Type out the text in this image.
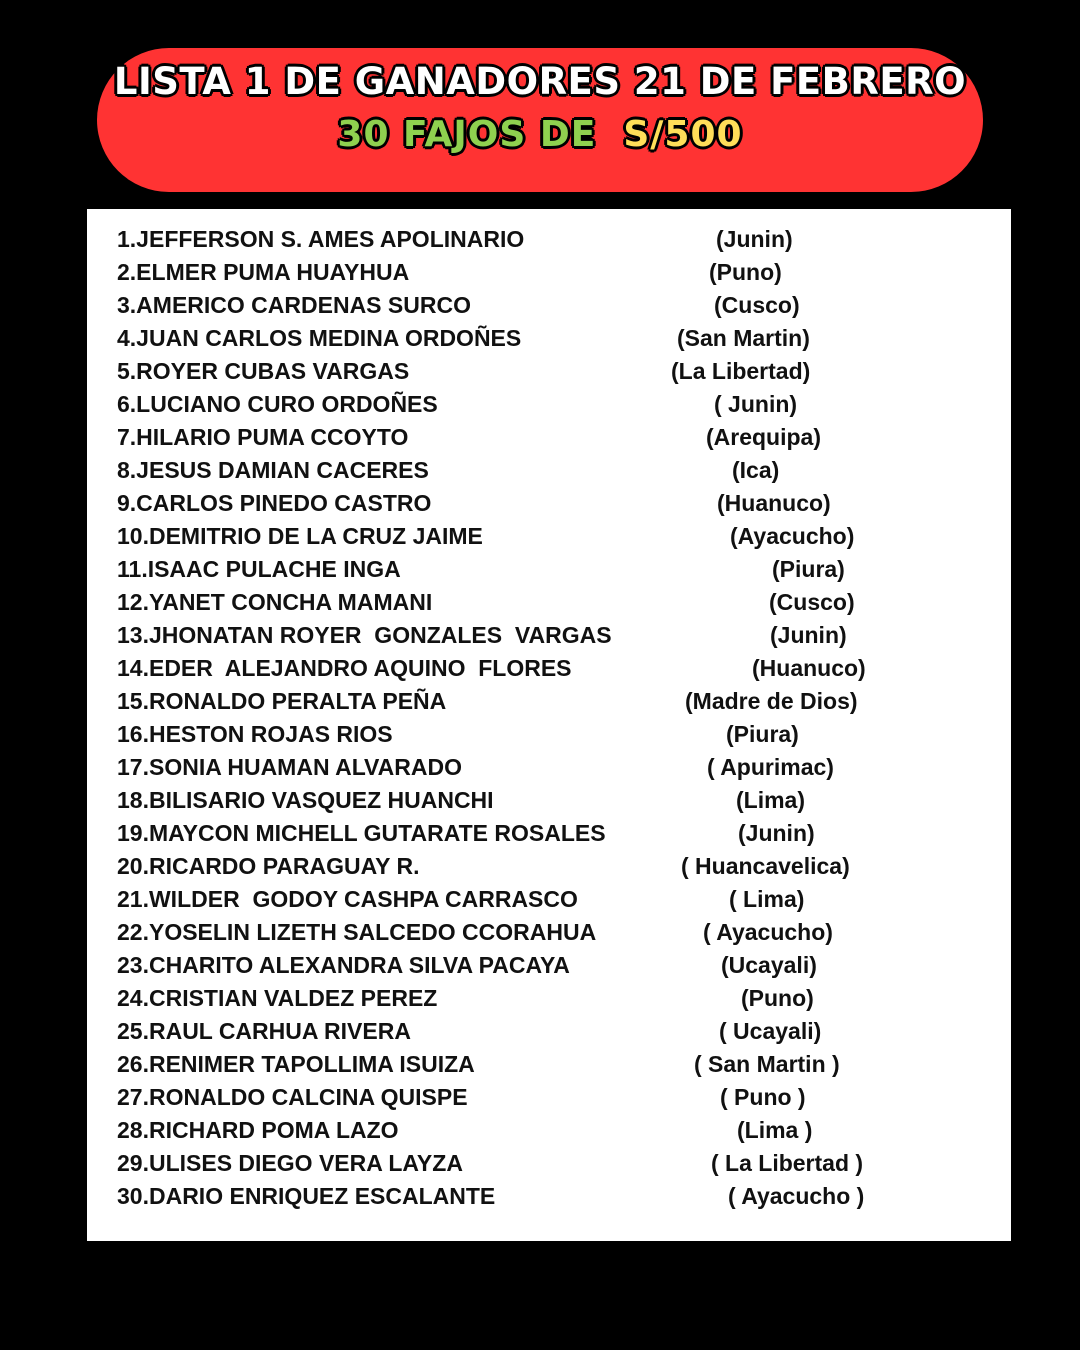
LISTA 1 DE GANADORES 21 DE FEBRERO
30 FAJOS DE  S/500
1.JEFFERSON S. AMES APOLINARIO	(Junin)
2.ELMER PUMA HUAYHUA	(Puno)
3.AMERICO CARDENAS SURCO	(Cusco)
4.JUAN CARLOS MEDINA ORDOÑES	(San Martin)
5.ROYER CUBAS VARGAS	(La Libertad)
6.LUCIANO CURO ORDOÑES	( Junin)
7.HILARIO PUMA CCOYTO	(Arequipa)
8.JESUS DAMIAN CACERES	(Ica)
9.CARLOS PINEDO CASTRO	(Huanuco)
10.DEMITRIO DE LA CRUZ JAIME	(Ayacucho)
11.ISAAC PULACHE INGA	(Piura)
12.YANET CONCHA MAMANI	(Cusco)
13.JHONATAN ROYER  GONZALES  VARGAS	(Junin)
14.EDER  ALEJANDRO AQUINO  FLORES	(Huanuco)
15.RONALDO PERALTA PEÑA	(Madre de Dios)
16.HESTON ROJAS RIOS	(Piura)
17.SONIA HUAMAN ALVARADO	( Apurimac)
18.BILISARIO VASQUEZ HUANCHI	(Lima)
19.MAYCON MICHELL GUTARATE ROSALES	(Junin)
20.RICARDO PARAGUAY R.	( Huancavelica)
21.WILDER  GODOY CASHPA CARRASCO	( Lima)
22.YOSELIN LIZETH SALCEDO CCORAHUA	( Ayacucho)
23.CHARITO ALEXANDRA SILVA PACAYA	(Ucayali)
24.CRISTIAN VALDEZ PEREZ	(Puno)
25.RAUL CARHUA RIVERA	( Ucayali)
26.RENIMER TAPOLLIMA ISUIZA	( San Martin )
27.RONALDO CALCINA QUISPE	( Puno )
28.RICHARD POMA LAZO	(Lima )
29.ULISES DIEGO VERA LAYZA	( La Libertad )
30.DARIO ENRIQUEZ ESCALANTE	( Ayacucho )
